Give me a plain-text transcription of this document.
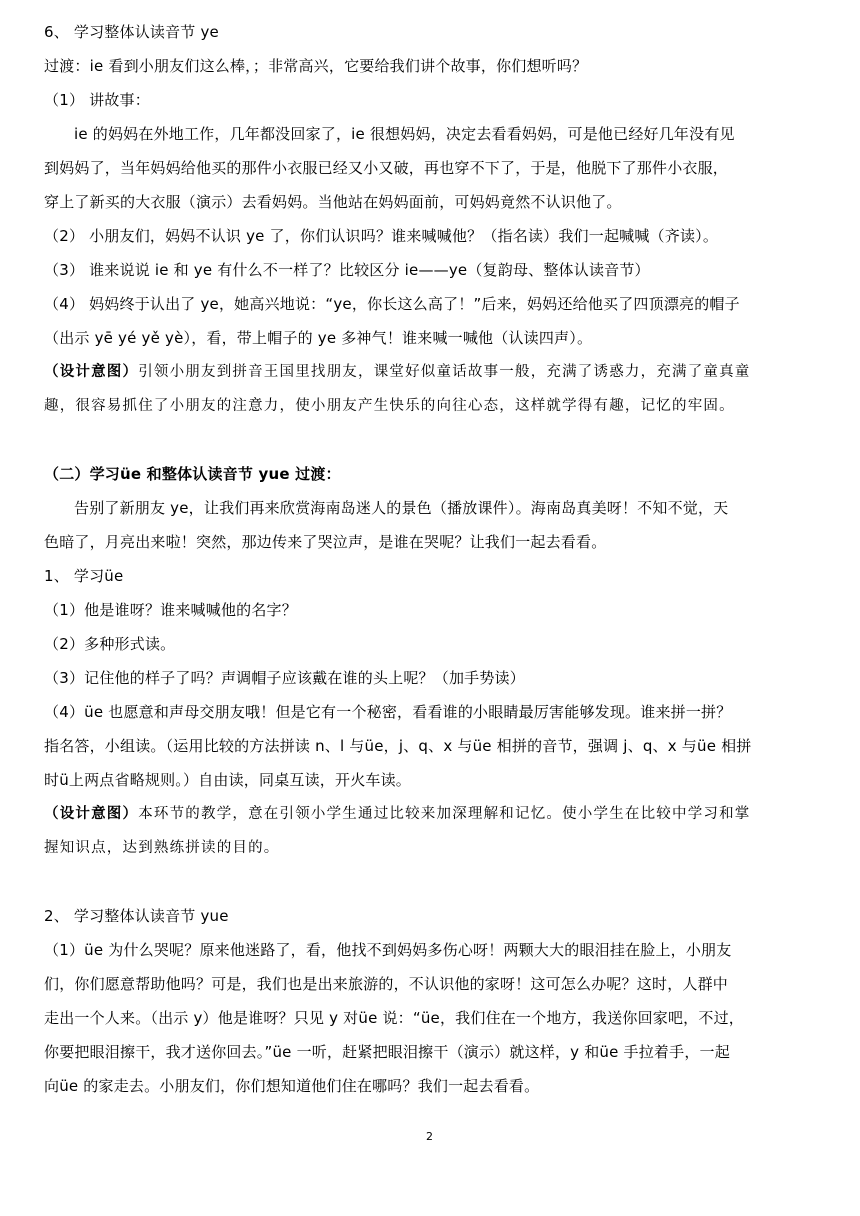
6、 学习整体认读音节 ye
过渡：ie 看到小朋友们这么棒，；非常高兴，它要给我们讲个故事，你们想听吗？
（1） 讲故事：
ie 的妈妈在外地工作，几年都没回家了，ie 很想妈妈，决定去看看妈妈，可是他已经好几年没有见
到妈妈了，当年妈妈给他买的那件小衣服已经又小又破，再也穿不下了，于是，他脱下了那件小衣服，
穿上了新买的大衣服（演示）去看妈妈。当他站在妈妈面前，可妈妈竟然不认识他了。
（2） 小朋友们，妈妈不认识 ye 了，你们认识吗？谁来喊喊他？（指名读）我们一起喊喊（齐读）。
（3） 谁来说说 ie 和 ye 有什么不一样了？比较区分 ie——ye（复韵母、整体认读音节）
（4） 妈妈终于认出了 ye，她高兴地说：“ye，你长这么高了！”后来，妈妈还给他买了四顶漂亮的帽子
（出示 yē yé yě yè），看，带上帽子的 ye 多神气！谁来喊一喊他（认读四声）。
（设计意图）引领小朋友到拼音王国里找朋友，课堂好似童话故事一般，充满了诱惑力，充满了童真童
趣，很容易抓住了小朋友的注意力，使小朋友产生快乐的向往心态，这样就学得有趣，记忆的牢固。
（二）学习üe 和整体认读音节 yue 过渡：
告别了新朋友 ye，让我们再来欣赏海南岛迷人的景色（播放课件）。海南岛真美呀！不知不觉，天
色暗了，月亮出来啦！突然，那边传来了哭泣声，是谁在哭呢？让我们一起去看看。
1、 学习üe
（1）他是谁呀？谁来喊喊他的名字？
（2）多种形式读。
（3）记住他的样子了吗？声调帽子应该戴在谁的头上呢？（加手势读）
（4）üe 也愿意和声母交朋友哦！但是它有一个秘密，看看谁的小眼睛最厉害能够发现。谁来拼一拼？
指名答，小组读。（运用比较的方法拼读 n、l 与üe，j、q、x 与üe 相拼的音节，强调 j、q、x 与üe 相拼
时ü上两点省略规则。）自由读，同桌互读，开火车读。
（设计意图）本环节的教学，意在引领小学生通过比较来加深理解和记忆。使小学生在比较中学习和掌
握知识点，达到熟练拼读的目的。
2、 学习整体认读音节 yue
（1）üe 为什么哭呢？原来他迷路了，看，他找不到妈妈多伤心呀！两颗大大的眼泪挂在脸上，小朋友
们，你们愿意帮助他吗？可是，我们也是出来旅游的，不认识他的家呀！这可怎么办呢？这时，人群中
走出一个人来。（出示 y）他是谁呀？只见 y 对üe 说：“üe，我们住在一个地方，我送你回家吧，不过，
你要把眼泪擦干，我才送你回去。”üe 一听，赶紧把眼泪擦干（演示）就这样，y 和üe 手拉着手，一起
向üe 的家走去。小朋友们，你们想知道他们住在哪吗？我们一起去看看。
2
